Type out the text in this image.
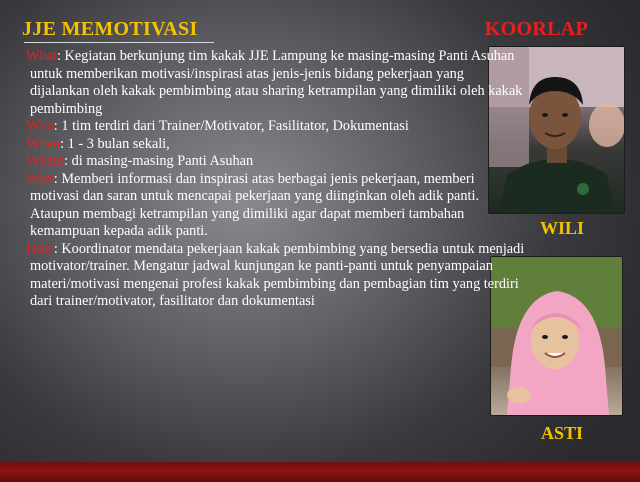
JJE MEMOTIVASI	KOORLAP

What: Kegiatan berkunjung tim kakak JJE Lampung ke masing-masing Panti Asuhan untuk memberikan motivasi/inspirasi atas jenis-jenis bidang pekerjaan yang dijalankan oleh kakak pembimbing atau sharing ketrampilan yang dimiliki oleh kakak pembimbing

Who: 1 tim terdiri dari Trainer/Motivator, Fasilitator, Dokumentasi

When: 1 - 3 bulan sekali,

Where: di masing-masing Panti Asuhan

Why: Memberi informasi dan inspirasi atas berbagai jenis pekerjaan, memberi motivasi dan saran untuk mencapai pekerjaan yang diinginkan oleh adik panti. Ataupun membagi ketrampilan yang dimiliki agar dapat memberi tambahan kemampuan kepada adik panti.

How: Koordinator mendata pekerjaan kakak pembimbing yang bersedia untuk menjadi motivator/trainer. Mengatur jadwal kunjungan ke panti-panti untuk penyampaian materi/motivasi mengenai profesi kakak pembimbing dan pembagian tim yang terdiri dari trainer/motivator, fasilitator dan dokumentasi

WILI

ASTI
